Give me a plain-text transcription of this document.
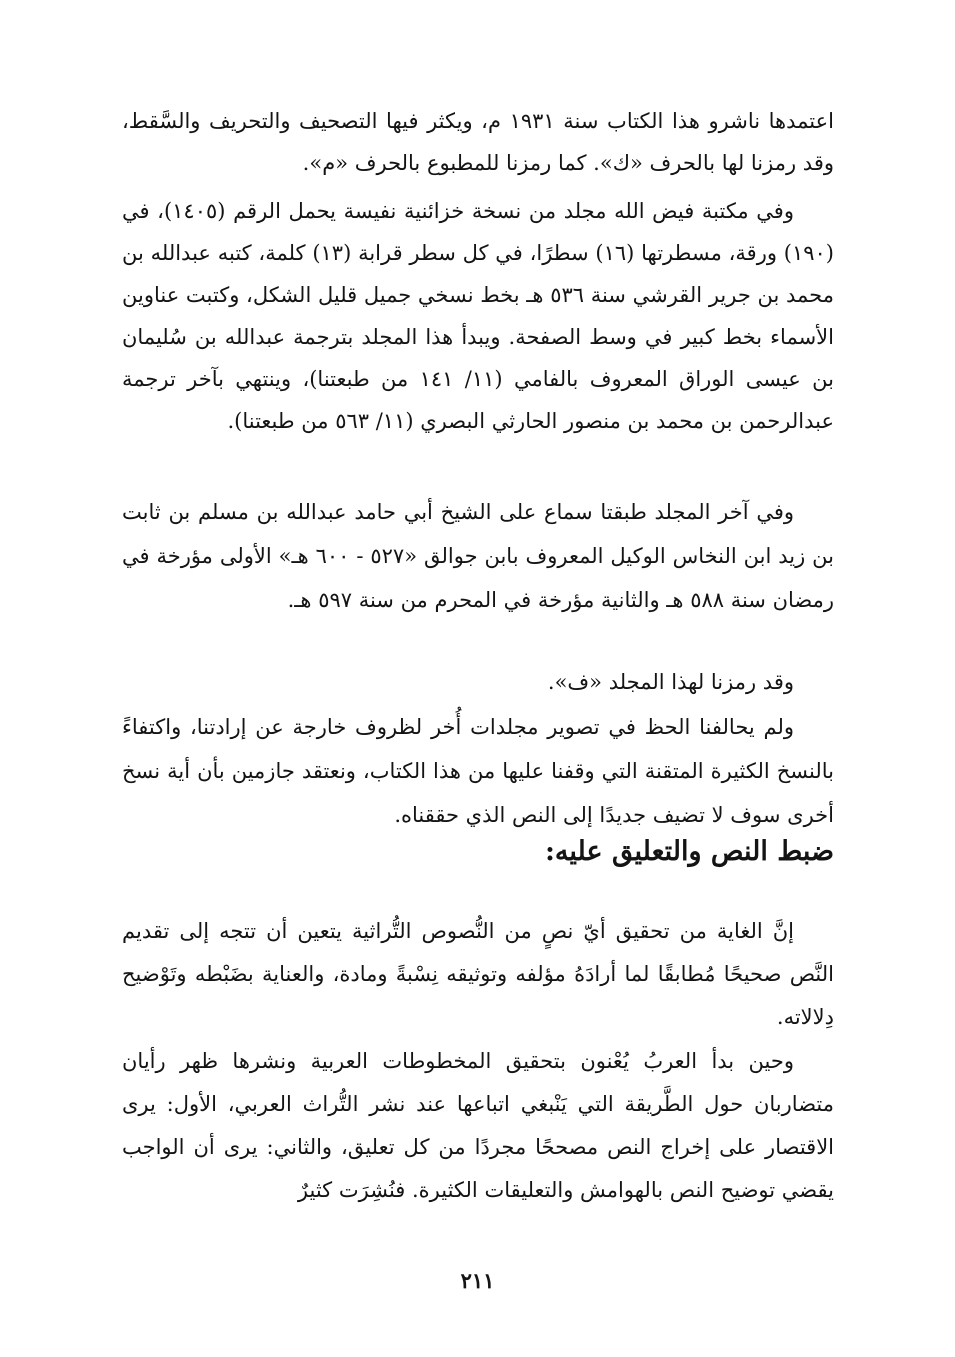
اعتمدها ناشرو هذا الكتاب سنة ١٩٣١ م، ويكثر فيها التصحيف والتحريف والسَّقط، وقد رمزنا لها بالحرف «ك». كما رمزنا للمطبوع بالحرف «م».

وفي مكتبة فيض الله مجلد من نسخة خزائنية نفيسة يحمل الرقم (١٤٠٥)، في (١٩٠) ورقة، مسطرتها (١٦) سطرًا، في كل سطر قرابة (١٣) كلمة، كتبه عبدالله بن محمد بن جرير القرشي سنة ٥٣٦ هـ بخط نسخي جميل قليل الشكل، وكتبت عناوين الأسماء بخط كبير في وسط الصفحة. ويبدأ هذا المجلد بترجمة عبدالله بن سُليمان بن عيسى الوراق المعروف بالفامي (١١/ ١٤١ من طبعتنا)، وينتهي بآخر ترجمة عبدالرحمن بن محمد بن منصور الحارثي البصري (١١/ ٥٦٣ من طبعتنا).

وفي آخر المجلد طبقتا سماع على الشيخ أبي حامد عبدالله بن مسلم بن ثابت بن زيد ابن النخاس الوكيل المعروف بابن جوالق «٥٢٧ - ٦٠٠ هـ» الأولى مؤرخة في رمضان سنة ٥٨٨ هـ والثانية مؤرخة في المحرم من سنة ٥٩٧ هـ.

وقد رمزنا لهذا المجلد «ف».

ولم يحالفنا الحظ في تصوير مجلدات أُخر لظروف خارجة عن إرادتنا، واكتفاءً بالنسخ الكثيرة المتقنة التي وقفنا عليها من هذا الكتاب، ونعتقد جازمين بأن أية نسخ أخرى سوف لا تضيف جديدًا إلى النص الذي حققناه.

ضبط النص والتعليق عليه:

إنَّ الغاية من تحقيق أيّ نصٍ من النُّصوص التُّراثية يتعين أن تتجه إلى تقديم النَّص صحيحًا مُطابقًا لما أرادَهُ مؤلفه وتوثيقه نِسْبةً ومادة، والعناية بضَبْطه وتَوْضيح دِلالاته.

وحين بدأ العربُ يُعْنون بتحقيق المخطوطات العربية ونشرها ظهر رأيان متضاربان حول الطَّريقة التي يَنْبغي اتباعها عند نشر التُّراث العربي، الأول: يرى الاقتصار على إخراج النص مصححًا مجردًا من كل تعليق، والثاني: يرى أن الواجب يقضي توضيح النص بالهوامش والتعليقات الكثيرة. فنُشِرَت كثيرٌ

٢١١
